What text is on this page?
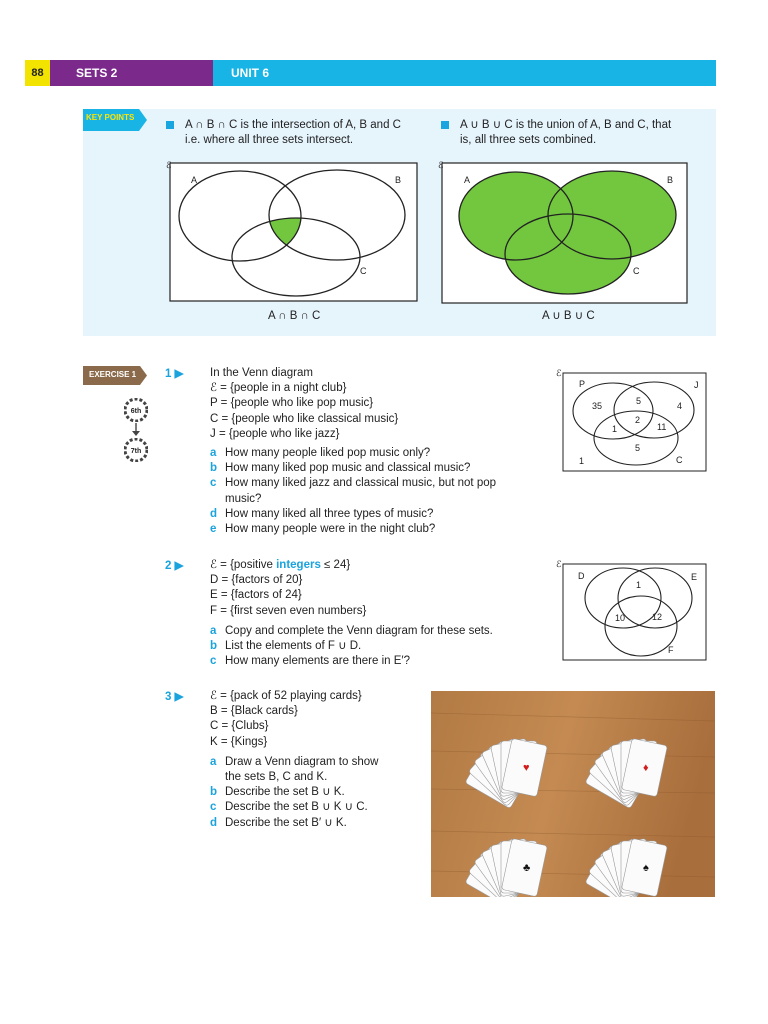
88	SETS 2	UNIT 6
KEY POINTS
A ∩ B ∩ C is the intersection of A, B and C
i.e. where all three sets intersect.
A ∪ B ∪ C is the union of A, B and C, that
is, all three sets combined.
ℰ
A	B
C
A ∩ B ∩ C
ℰ
A	B
C
A ∪ B ∪ C
EXERCISE 1
6th
7th
1 ▶ In the Venn diagram
ℰ = {people in a night club}
P = {people who like pop music}
C = {people who like classical music}
J = {people who like jazz}
a How many people liked pop music only?
b How many liked pop music and classical music?
c How many liked jazz and classical music, but not pop
music?
d How many liked all three types of music?
e How many people were in the night club?
ℰ
P	J
C
35	5	4
1
2
11
5
1
2 ▶ ℰ = {positive integers ≤ 24}
D = {factors of 20}
E = {factors of 24}
F = {first seven even numbers}
a Copy and complete the Venn diagram for these sets.
b List the elements of F ∪ D.
c How many elements are there in E′?
ℰ
D	E
F
1
10	12
3 ▶ ℰ = {pack of 52 playing cards}
B = {Black cards}
C = {Clubs}
K = {Kings}
a Draw a Venn diagram to show
the sets B, C and K.
b Describe the set B ∪ K.
c Describe the set B ∪ K ∪ C.
d Describe the set B′ ∪ K.
♥	♦
♣	♠
